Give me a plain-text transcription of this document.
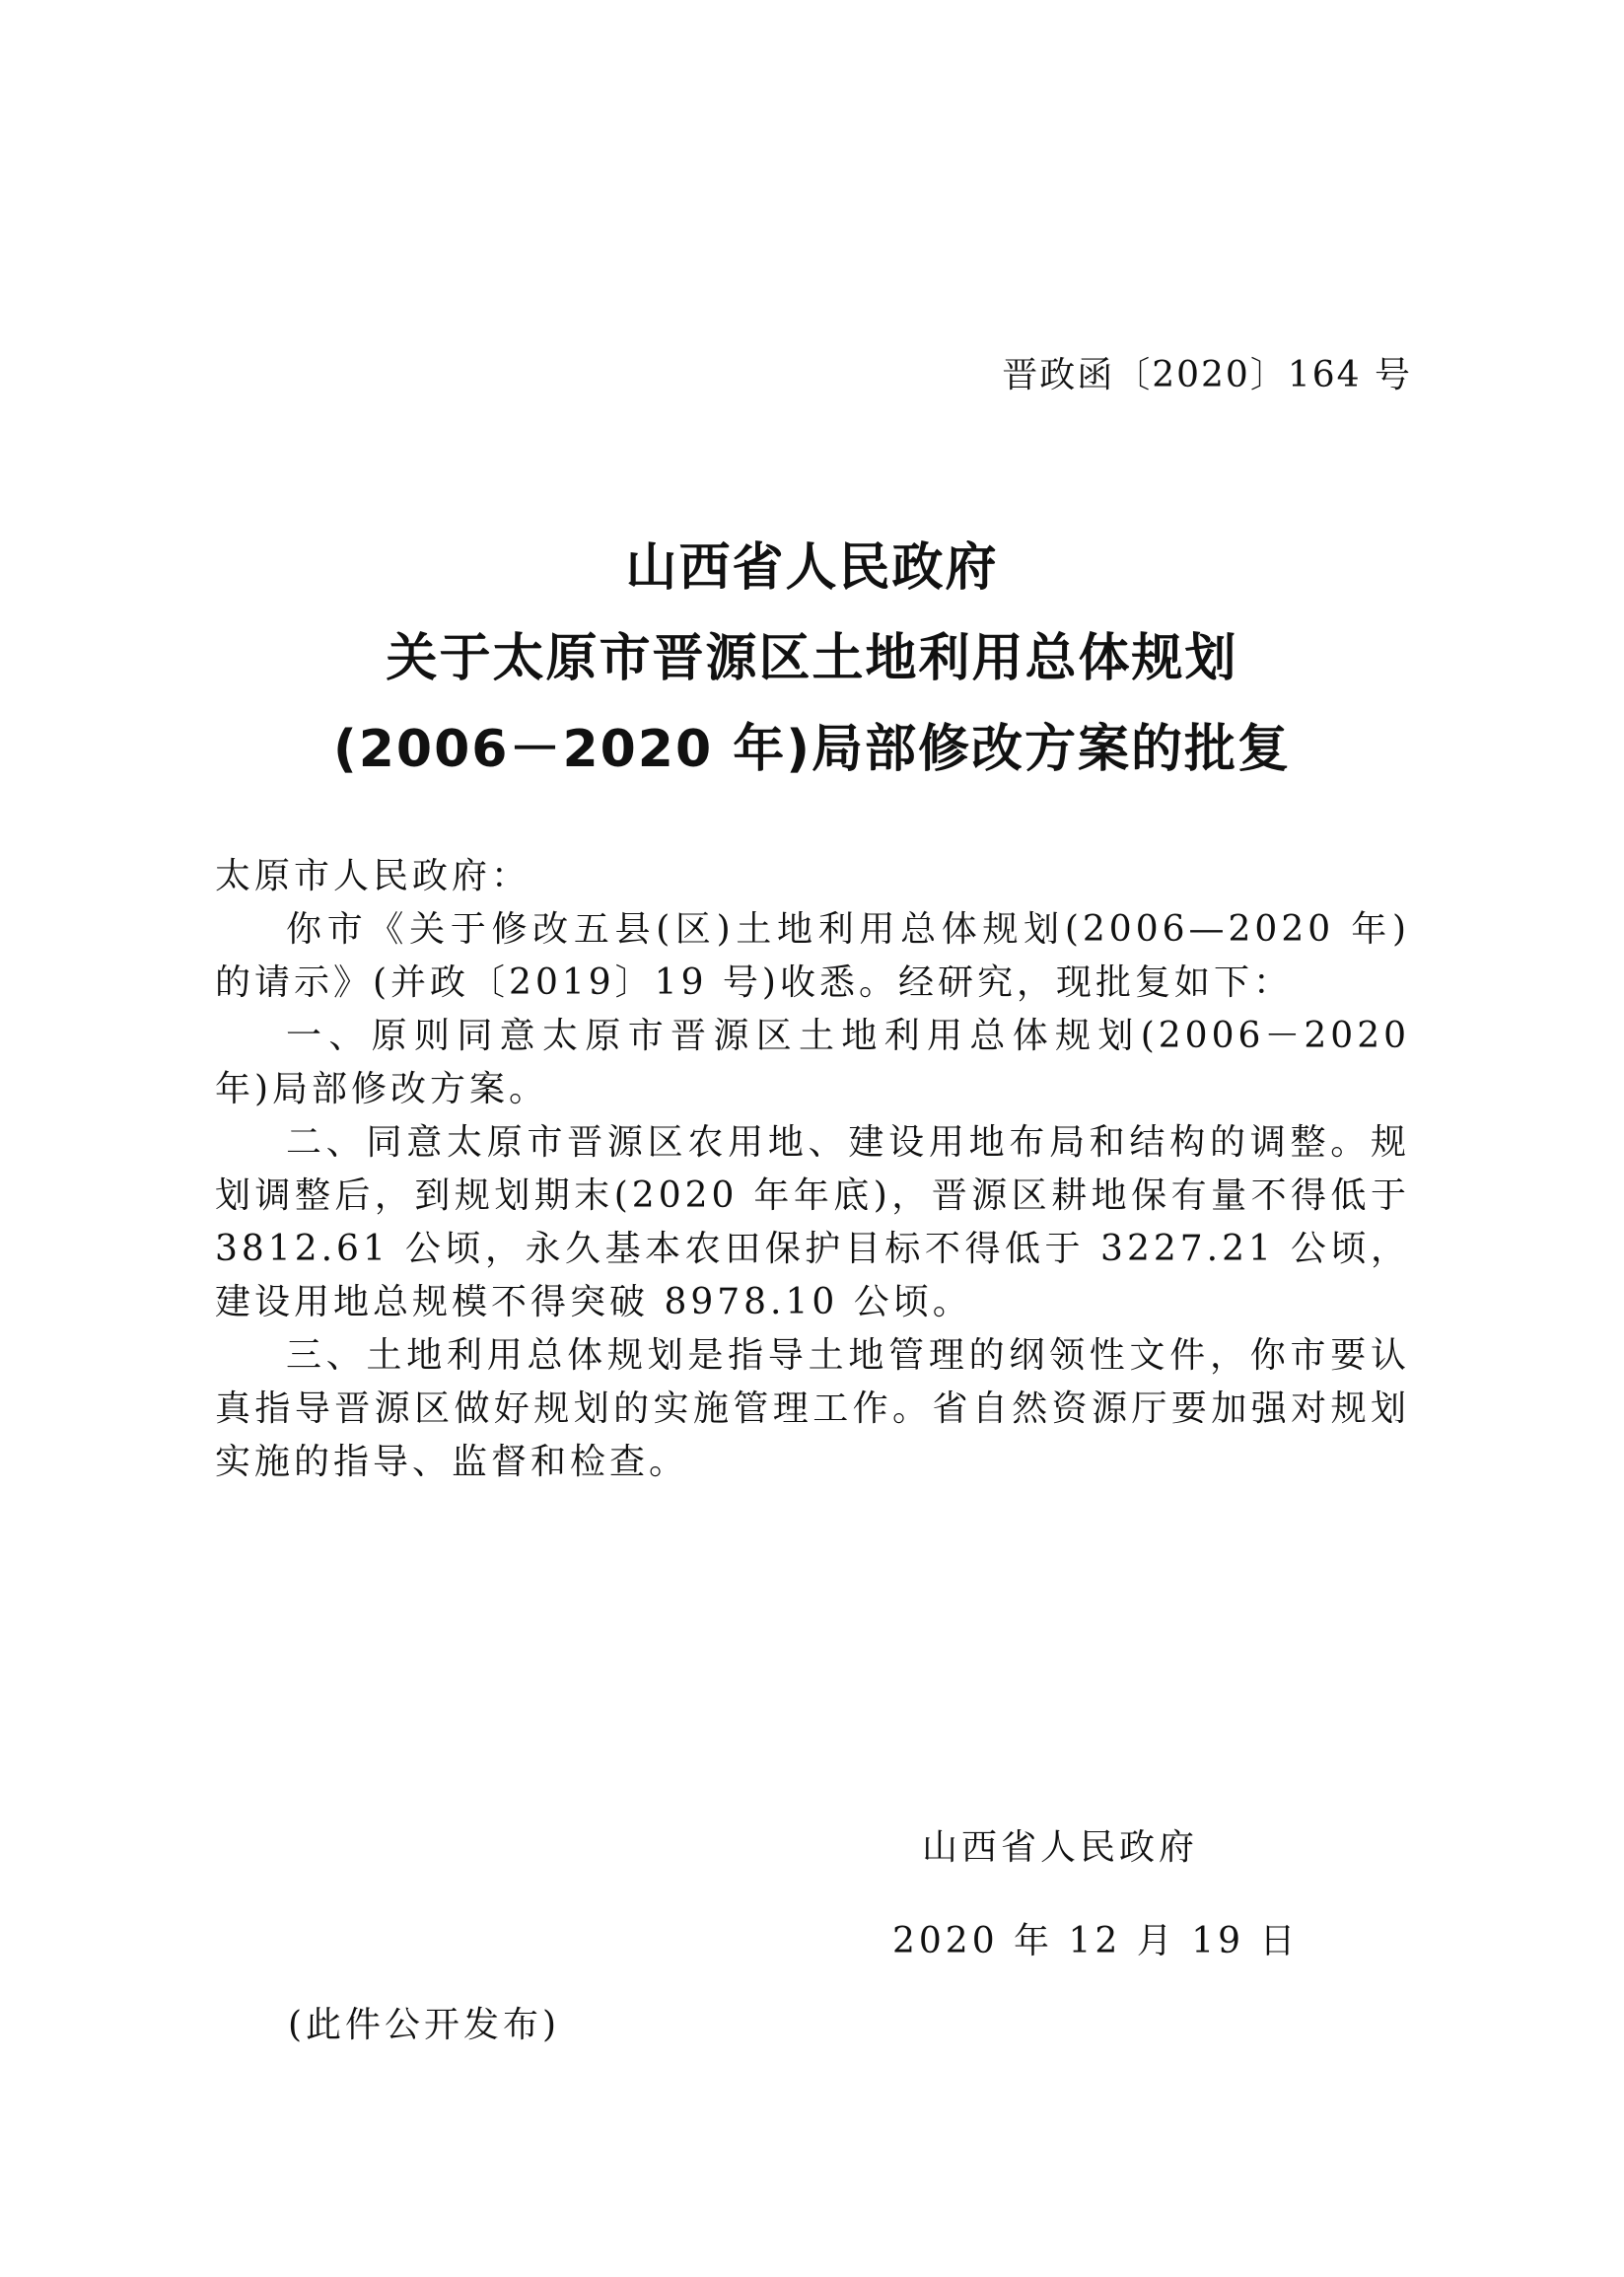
晋政函〔2020〕164 号
山西省人民政府
关于太原市晋源区土地利用总体规划
(2006－2020 年)局部修改方案的批复

太原市人民政府：

你市《关于修改五县(区)土地利用总体规划(2006—2020 年)的请示》(并政〔2019〕19 号)收悉。经研究，现批复如下：

一、原则同意太原市晋源区土地利用总体规划(2006－2020 年)局部修改方案。

二、同意太原市晋源区农用地、建设用地布局和结构的调整。规划调整后，到规划期末(2020 年年底)，晋源区耕地保有量不得低于 3812.61 公顷，永久基本农田保护目标不得低于 3227.21 公顷，建设用地总规模不得突破 8978.10 公顷。

三、土地利用总体规划是指导土地管理的纲领性文件，你市要认真指导晋源区做好规划的实施管理工作。省自然资源厅要加强对规划实施的指导、监督和检查。

山西省人民政府
2020 年 12 月 19 日
(此件公开发布)
